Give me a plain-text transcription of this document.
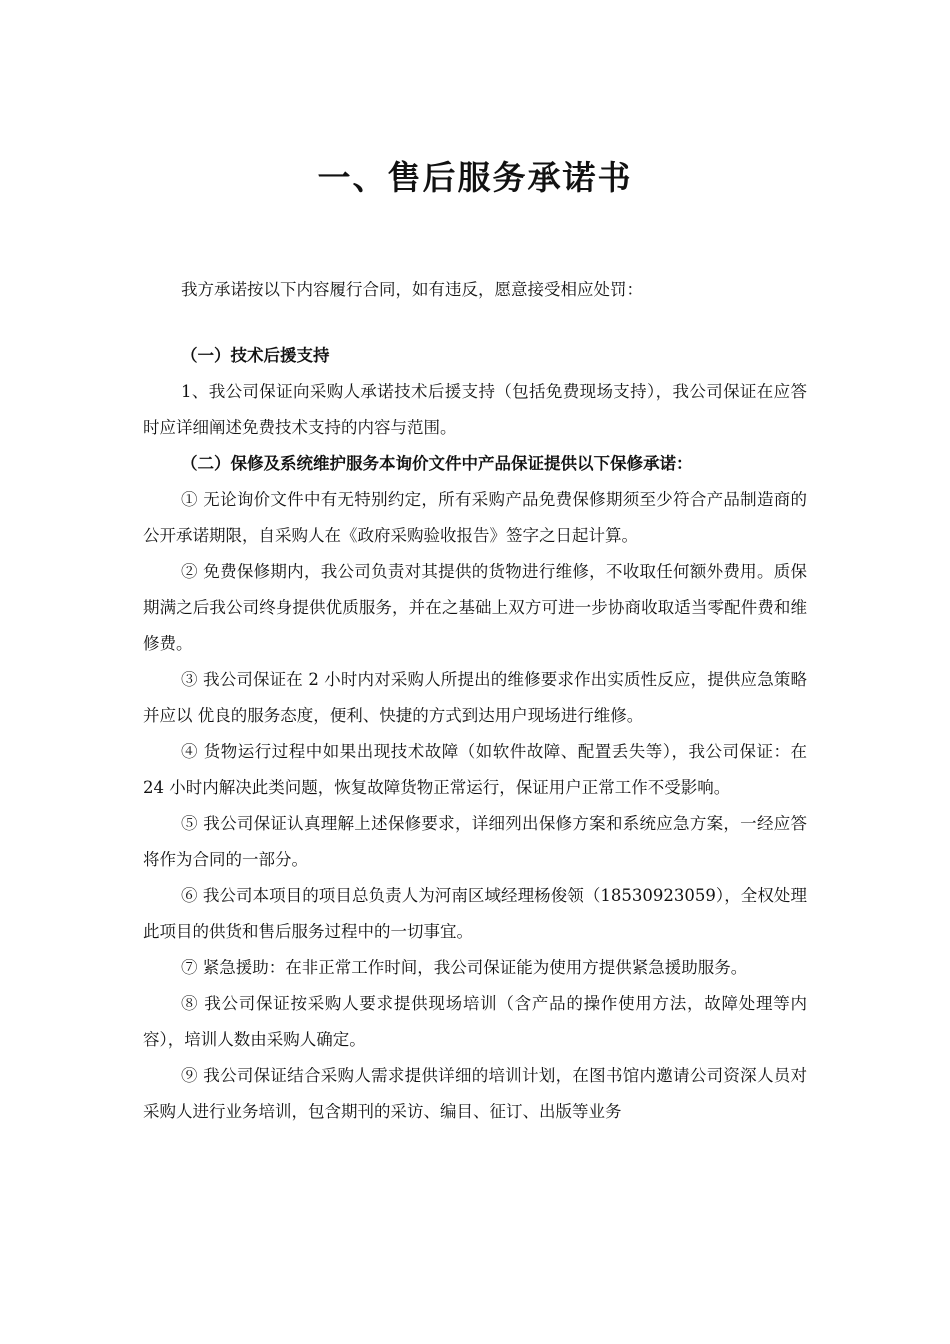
一、售后服务承诺书

我方承诺按以下内容履行合同，如有违反，愿意接受相应处罚：

（一）技术后援支持

1、我公司保证向采购人承诺技术后援支持（包括免费现场支持），我公司保证在应答时应详细阐述免费技术支持的内容与范围。

（二）保修及系统维护服务本询价文件中产品保证提供以下保修承诺：

① 无论询价文件中有无特别约定，所有采购产品免费保修期须至少符合产品制造商的公开承诺期限，自采购人在《政府采购验收报告》签字之日起计算。

② 免费保修期内，我公司负责对其提供的货物进行维修，不收取任何额外费用。质保期满之后我公司终身提供优质服务，并在之基础上双方可进一步协商收取适当零配件费和维修费。

③ 我公司保证在 2 小时内对采购人所提出的维修要求作出实质性反应，提供应急策略并应以 优良的服务态度，便利、快捷的方式到达用户现场进行维修。

④ 货物运行过程中如果出现技术故障（如软件故障、配置丢失等），我公司保证：在 24 小时内解决此类问题，恢复故障货物正常运行，保证用户正常工作不受影响。

⑤ 我公司保证认真理解上述保修要求，详细列出保修方案和系统应急方案，一经应答将作为合同的一部分。

⑥ 我公司本项目的项目总负责人为河南区域经理杨俊领（18530923059），全权处理此项目的供货和售后服务过程中的一切事宜。

⑦ 紧急援助：在非正常工作时间，我公司保证能为使用方提供紧急援助服务。

⑧ 我公司保证按采购人要求提供现场培训（含产品的操作使用方法，故障处理等内容），培训人数由采购人确定。

⑨ 我公司保证结合采购人需求提供详细的培训计划，在图书馆内邀请公司资深人员对采购人进行业务培训，包含期刊的采访、编目、征订、出版等业务
